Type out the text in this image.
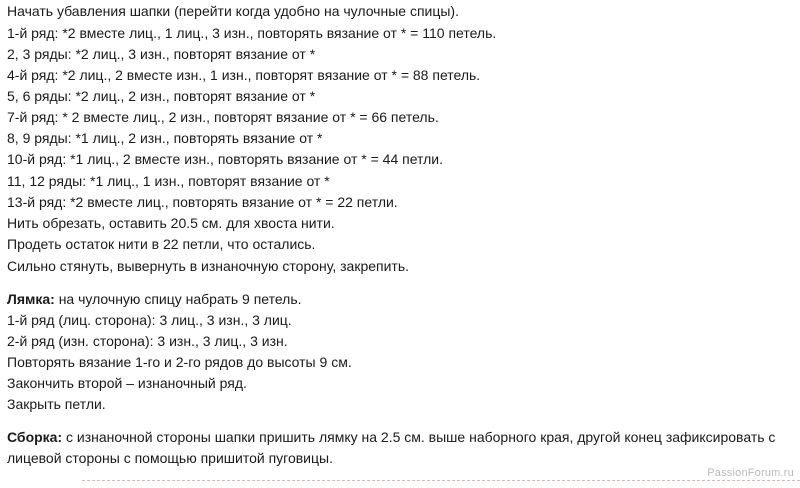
Начать убавления шапки (перейти когда удобно на чулочные спицы).
1-й ряд: *2 вместе лиц., 1 лиц., 3 изн., повторять вязание от * = 110 петель.
2, 3 ряды: *2 лиц., 3 изн., повторят вязание от *
4-й ряд: *2 лиц., 2 вместе изн., 1 изн., повторят вязание от * = 88 петель.
5, 6 ряды: *2 лиц., 2 изн., повторят вязание от *
7-й ряд: * 2 вместе лиц., 2 изн., повторят вязание от * = 66 петель.
8, 9 ряды: *1 лиц., 2 изн., повторять вязание от *
10-й ряд: *1 лиц., 2 вместе изн., повторять вязание от * = 44 петли.
11, 12 ряды: *1 лиц., 1 изн., повторят вязание от *
13-й ряд: *2 вместе лиц., повторять вязание от * = 22 петли.
Нить обрезать, оставить 20.5 см. для хвоста нити.
Продеть остаток нити в 22 петли, что остались.
Сильно стянуть, вывернуть в изнаночную сторону, закрепить.
Лямка: на чулочную спицу набрать 9 петель.
1-й ряд (лиц. сторона): 3 лиц., 3 изн., 3 лиц.
2-й ряд (изн. сторона): 3 изн., 3 лиц., 3 изн.
Повторять вязание 1-го и 2-го рядов до высоты 9 см.
Закончить второй – изнаночный ряд.
Закрыть петли.
Сборка: с изнаночной стороны шапки пришить лямку на 2.5 см. выше наборного края, другой конец зафиксировать с лицевой стороны с помощью пришитой пуговицы.
PassionForum.ru
